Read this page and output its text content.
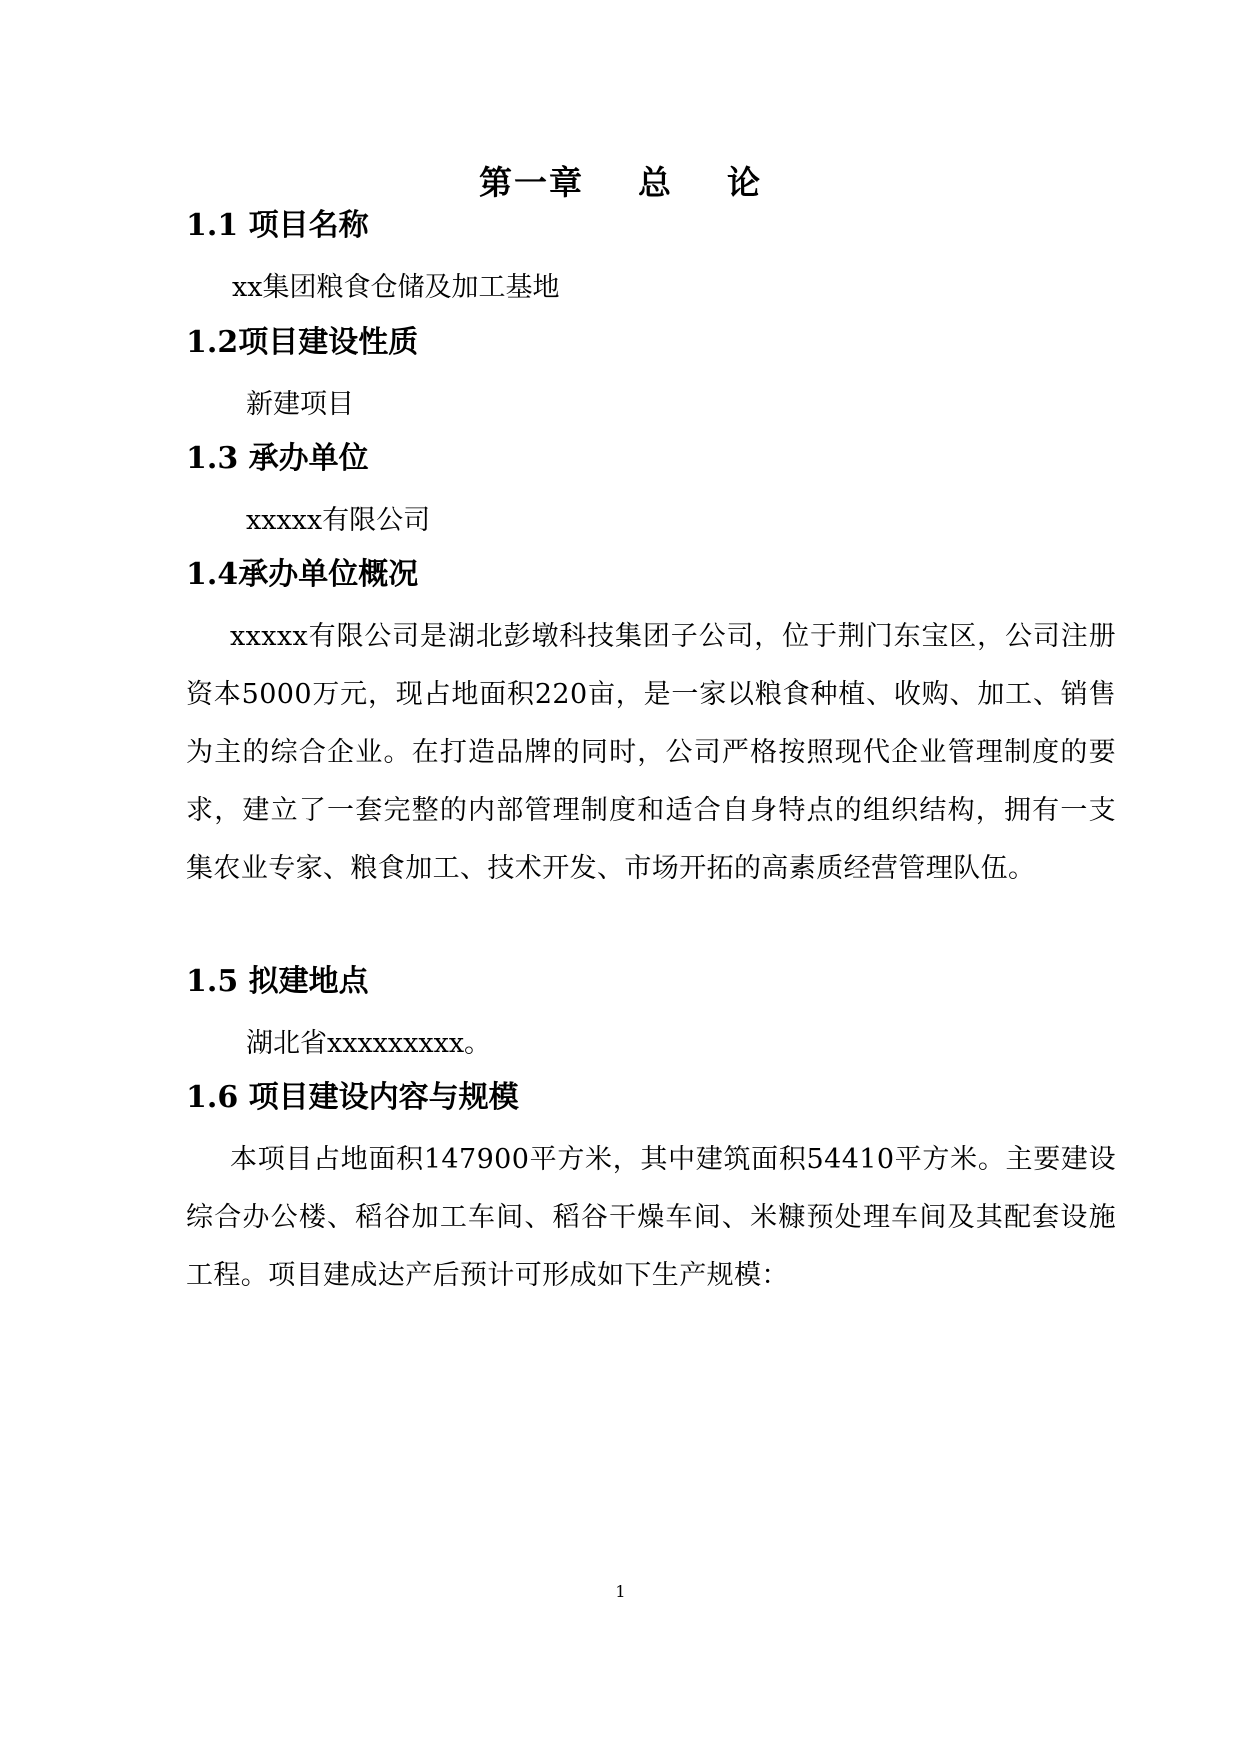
第一章    总    论
1.1 项目名称
xx集团粮食仓储及加工基地
1.2项目建设性质
新建项目
1.3 承办单位
xxxxx有限公司
1.4承办单位概况
xxxxx有限公司是湖北彭墩科技集团子公司，位于荆门东宝区，公司注册资本5000万元，现占地面积220亩，是一家以粮食种植、收购、加工、销售为主的综合企业。在打造品牌的同时，公司严格按照现代企业管理制度的要求，建立了一套完整的内部管理制度和适合自身特点的组织结构，拥有一支集农业专家、粮食加工、技术开发、市场开拓的高素质经营管理队伍。
1.5 拟建地点
湖北省xxxxxxxxx。
1.6 项目建设内容与规模
本项目占地面积147900平方米，其中建筑面积54410平方米。主要建设综合办公楼、稻谷加工车间、稻谷干燥车间、米糠预处理车间及其配套设施工程。项目建成达产后预计可形成如下生产规模：
1
